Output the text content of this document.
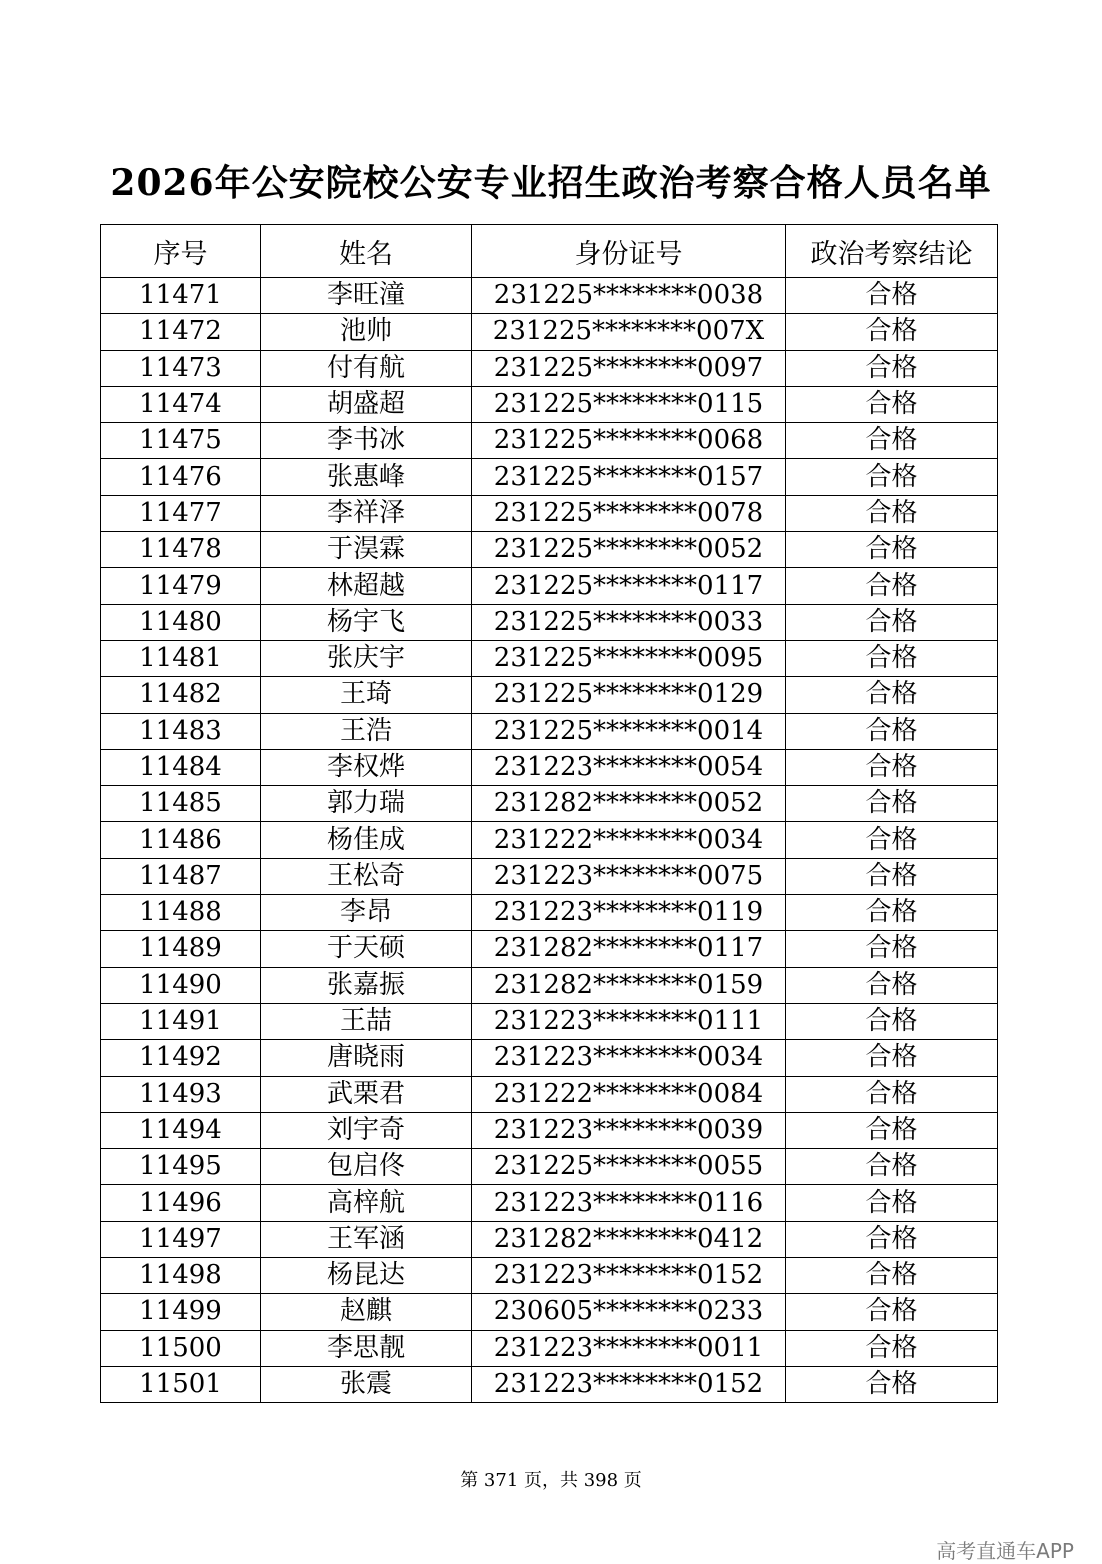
2026年公安院校公安专业招生政治考察合格人员名单
序号	姓名	身份证号	政治考察结论
11471	李旺潼	231225********0038	合格
11472	池帅	231225********007X	合格
11473	付有航	231225********0097	合格
11474	胡盛超	231225********0115	合格
11475	李书冰	231225********0068	合格
11476	张惠峰	231225********0157	合格
11477	李祥泽	231225********0078	合格
11478	于淏霖	231225********0052	合格
11479	林超越	231225********0117	合格
11480	杨宇飞	231225********0033	合格
11481	张庆宇	231225********0095	合格
11482	王琦	231225********0129	合格
11483	王浩	231225********0014	合格
11484	李权烨	231223********0054	合格
11485	郭力瑞	231282********0052	合格
11486	杨佳成	231222********0034	合格
11487	王松奇	231223********0075	合格
11488	李昂	231223********0119	合格
11489	于天硕	231282********0117	合格
11490	张嘉振	231282********0159	合格
11491	王喆	231223********0111	合格
11492	唐晓雨	231223********0034	合格
11493	武栗君	231222********0084	合格
11494	刘宇奇	231223********0039	合格
11495	包启佟	231225********0055	合格
11496	高梓航	231223********0116	合格
11497	王军涵	231282********0412	合格
11498	杨昆达	231223********0152	合格
11499	赵麒	230605********0233	合格
11500	李思靓	231223********0011	合格
11501	张震	231223********0152	合格
第 371 页，共 398 页
高考直通车APP
